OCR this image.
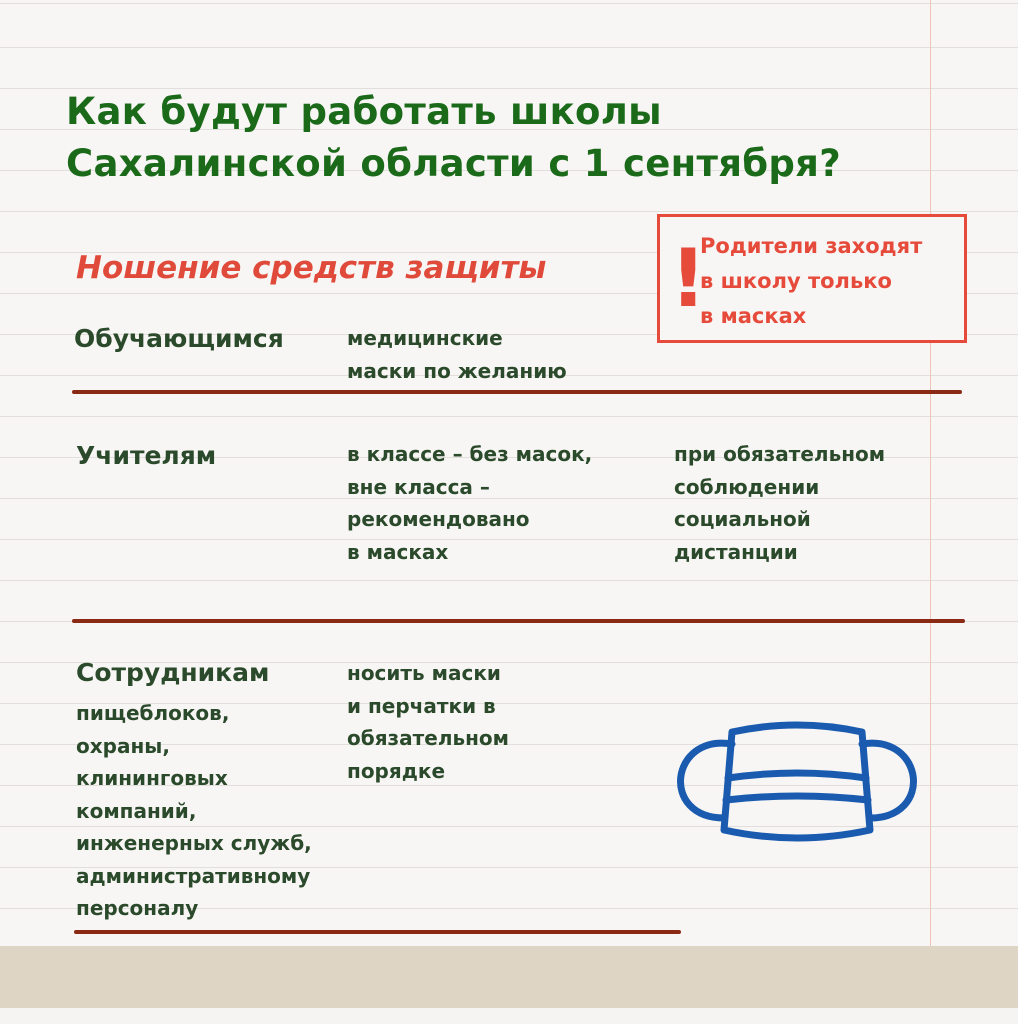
Как будут работать школы
Сахалинской области с 1 сентября?
Ношение средств защиты !
Родители заходят
в школу только
в масках
Обучающимся	медицинские
маски по желанию
Учителям	в классе – без масок,
вне класса –
рекомендовано
в масках
при обязательном
соблюдении
социальной
дистанции
Сотрудникам
пищеблоков,
охраны,
клининговых
компаний,
инженерных служб,
административному
персоналу
носить маски
и перчатки в
обязательном
порядке
